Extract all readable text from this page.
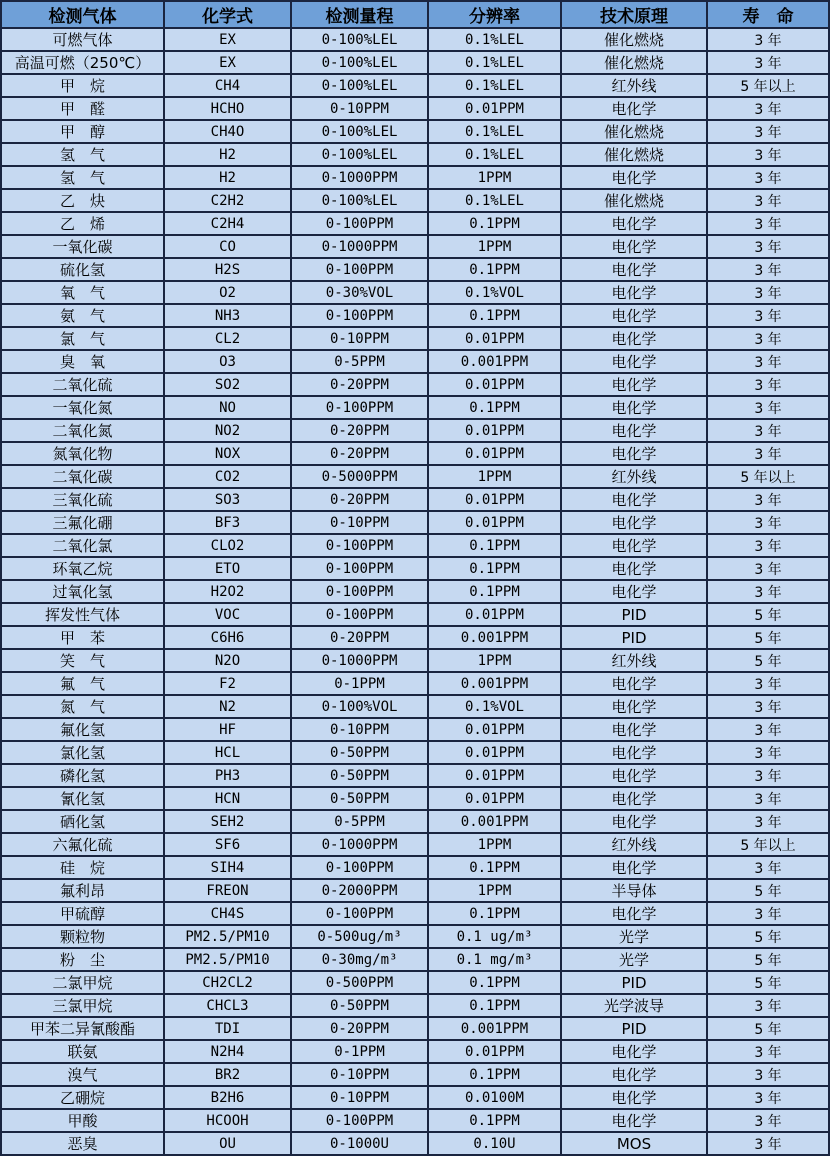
检测气体	化学式	检测量程	分辨率	技术原理	寿　命
可燃气体	EX	0-100%LEL	0.1%LEL	催化燃烧	3 年
高温可燃（250℃）	EX	0-100%LEL	0.1%LEL	催化燃烧	3 年
甲　烷	CH4	0-100%LEL	0.1%LEL	红外线	5 年以上
甲　醛	HCHO	0-10PPM	0.01PPM	电化学	3 年
甲　醇	CH4O	0-100%LEL	0.1%LEL	催化燃烧	3 年
氢　气	H2	0-100%LEL	0.1%LEL	催化燃烧	3 年
氢　气	H2	0-1000PPM	1PPM	电化学	3 年
乙　炔	C2H2	0-100%LEL	0.1%LEL	催化燃烧	3 年
乙　烯	C2H4	0-100PPM	0.1PPM	电化学	3 年
一氧化碳	CO	0-1000PPM	1PPM	电化学	3 年
硫化氢	H2S	0-100PPM	0.1PPM	电化学	3 年
氧　气	O2	0-30%VOL	0.1%VOL	电化学	3 年
氨　气	NH3	0-100PPM	0.1PPM	电化学	3 年
氯　气	CL2	0-10PPM	0.01PPM	电化学	3 年
臭　氧	O3	0-5PPM	0.001PPM	电化学	3 年
二氧化硫	SO2	0-20PPM	0.01PPM	电化学	3 年
一氧化氮	NO	0-100PPM	0.1PPM	电化学	3 年
二氧化氮	NO2	0-20PPM	0.01PPM	电化学	3 年
氮氧化物	NOX	0-20PPM	0.01PPM	电化学	3 年
二氧化碳	CO2	0-5000PPM	1PPM	红外线	5 年以上
三氧化硫	SO3	0-20PPM	0.01PPM	电化学	3 年
三氟化硼	BF3	0-10PPM	0.01PPM	电化学	3 年
二氧化氯	CLO2	0-100PPM	0.1PPM	电化学	3 年
环氧乙烷	ETO	0-100PPM	0.1PPM	电化学	3 年
过氧化氢	H2O2	0-100PPM	0.1PPM	电化学	3 年
挥发性气体	VOC	0-100PPM	0.01PPM	PID	5 年
甲　苯	C6H6	0-20PPM	0.001PPM	PID	5 年
笑　气	N2O	0-1000PPM	1PPM	红外线	5 年
氟　气	F2	0-1PPM	0.001PPM	电化学	3 年
氮　气	N2	0-100%VOL	0.1%VOL	电化学	3 年
氟化氢	HF	0-10PPM	0.01PPM	电化学	3 年
氯化氢	HCL	0-50PPM	0.01PPM	电化学	3 年
磷化氢	PH3	0-50PPM	0.01PPM	电化学	3 年
氰化氢	HCN	0-50PPM	0.01PPM	电化学	3 年
硒化氢	SEH2	0-5PPM	0.001PPM	电化学	3 年
六氟化硫	SF6	0-1000PPM	1PPM	红外线	5 年以上
硅　烷	SIH4	0-100PPM	0.1PPM	电化学	3 年
氟利昂	FREON	0-2000PPM	1PPM	半导体	5 年
甲硫醇	CH4S	0-100PPM	0.1PPM	电化学	3 年
颗粒物	PM2.5/PM10	0-500ug/m³	0.1 ug/m³	光学	5 年
粉　尘	PM2.5/PM10	0-30mg/m³	0.1 mg/m³	光学	5 年
二氯甲烷	CH2CL2	0-500PPM	0.1PPM	PID	5 年
三氯甲烷	CHCL3	0-50PPM	0.1PPM	光学波导	3 年
甲苯二异氰酸酯	TDI	0-20PPM	0.001PPM	PID	5 年
联氨	N2H4	0-1PPM	0.01PPM	电化学	3 年
溴气	BR2	0-10PPM	0.1PPM	电化学	3 年
乙硼烷	B2H6	0-10PPM	0.0100M	电化学	3 年
甲酸	HCOOH	0-100PPM	0.1PPM	电化学	3 年
恶臭	OU	0-1000U	0.10U	MOS	3 年
